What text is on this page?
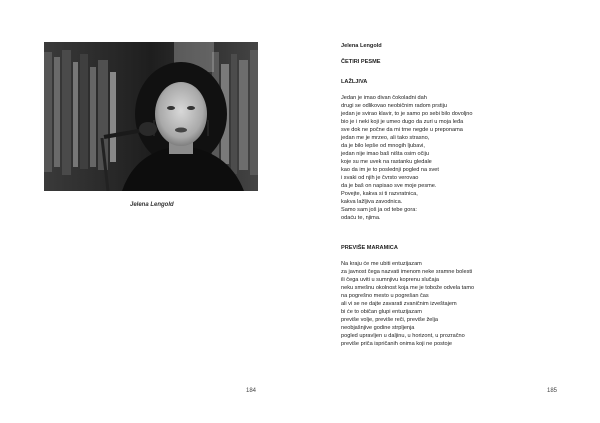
Jelena Lengold
184

Jelena Lengold

ČETIRI PESME

LAŽLJIVA

Jedan je imao divan čokoladni dah

drugi se odlikovao neobičnim radom prstiju

jedan je svirao klavir, to je samo po sebi bilo dovoljno

bio je i neki koji je umeo dugo da zuri u moja leđa

sve dok ne počne da mi trne negde u preponama

jedan me je mrzeo, ali tako strasno,

da je bilo lepše od mnogih ljubavi,

jedan nije imao baš ništa osim očiju

koje su me uvek na rastanku gledale

kao da im je to poslednji pogled na svet

i svaki od njih je čvrsto verovao

da je baš on napisao sve moje pesme.

Povejte, kakva si ti razvratnica,

kakva lažljiva zavodnica.

Samo sam još ja od tebe gora:

odaću te, njima.

PREVIŠE MARAMICA

Na kraju će me ubiti entuzijazam

za javnost čega nazvati imenom neke sramne bolesti

ili čega uviti u sumnjivu koprenu slučaja

neku smešnu okolnost koja me je tobože odvela tamo

na pogrešno mesto u pogrešan čas

ali vi se ne dajte zavarati zvaničnim izveštajem

bi će to običan glupi entuzijazam

previše volje, previše reči, previše želja

neobjašnjive godine strpljenja

pogled upravljen u daljinu, u horizont, u prozračno

previše priča ispričanih onima koji ne postoje

185
